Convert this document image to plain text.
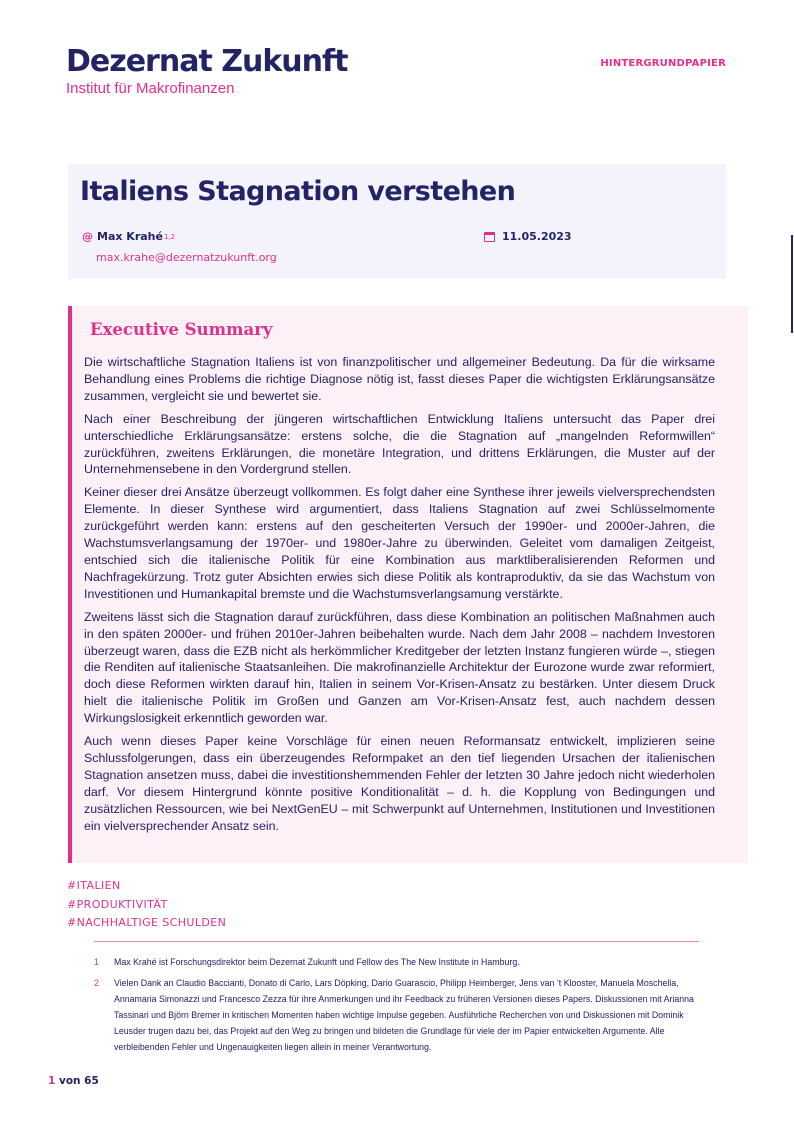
Dezernat Zukunft
Institut für Makrofinanzen
HINTERGRUNDPAPIER
Italiens Stagnation verstehen
@ Max Krahé 1,2
max.krahe@dezernatzukunft.org
11.05.2023
Executive Summary

Die wirtschaftliche Stagnation Italiens ist von finanzpolitischer und allgemeiner Bedeutung. Da für die wirksame Behandlung eines Problems die richtige Diagnose nötig ist, fasst dieses Paper die wichtigsten Erklärungsansätze zusammen, vergleicht sie und bewertet sie.

Nach einer Beschreibung der jüngeren wirtschaftlichen Entwicklung Italiens untersucht das Paper drei unterschiedliche Erklärungsansätze: erstens solche, die die Stagnation auf „mangelnden Reformwillen“ zurückführen, zweitens Erklärungen, die monetäre Integration, und drittens Erklärungen, die Muster auf der Unternehmensebene in den Vordergrund stellen.

Keiner dieser drei Ansätze überzeugt vollkommen. Es folgt daher eine Synthese ihrer jeweils vielversprechendsten Elemente. In dieser Synthese wird argumentiert, dass Italiens Stagnation auf zwei Schlüsselmomente zurückgeführt werden kann: erstens auf den gescheiterten Versuch der 1990er- und 2000er-Jahren, die Wachstumsverlangsamung der 1970er- und 1980er-Jahre zu überwinden. Geleitet vom damaligen Zeitgeist, entschied sich die italienische Politik für eine Kombination aus marktliberalisierenden Reformen und Nachfragekürzung. Trotz guter Absichten erwies sich diese Politik als kontraproduktiv, da sie das Wachstum von Investitionen und Humankapital bremste und die Wachstumsverlangsamung verstärkte.

Zweitens lässt sich die Stagnation darauf zurückführen, dass diese Kombination an politischen Maßnahmen auch in den späten 2000er- und frühen 2010er-Jahren beibehalten wurde. Nach dem Jahr 2008 – nachdem Investoren überzeugt waren, dass die EZB nicht als herkömmlicher Kreditgeber der letzten Instanz fungieren würde –, stiegen die Renditen auf italienische Staatsanleihen. Die makrofinanzielle Architektur der Eurozone wurde zwar reformiert, doch diese Reformen wirkten darauf hin, Italien in seinem Vor-Krisen-Ansatz zu bestärken. Unter diesem Druck hielt die italienische Politik im Großen und Ganzen am Vor-Krisen-Ansatz fest, auch nachdem dessen Wirkungslosigkeit erkenntlich geworden war.

Auch wenn dieses Paper keine Vorschläge für einen neuen Reformansatz entwickelt, implizieren seine Schlussfolgerungen, dass ein überzeugendes Reformpaket an den tief liegenden Ursachen der italienischen Stagnation ansetzen muss, dabei die investitionshemmenden Fehler der letzten 30 Jahre jedoch nicht wiederholen darf. Vor diesem Hintergrund könnte positive Konditionalität – d. h. die Kopplung von Bedingungen und zusätzlichen Ressourcen, wie bei NextGenEU – mit Schwerpunkt auf Unternehmen, Institutionen und Investitionen ein vielversprechender Ansatz sein.

#ITALIEN
#PRODUKTIVITÄT
#NACHHALTIGE SCHULDEN
1	Max Krahé ist Forschungsdirektor beim Dezernat Zukunft und Fellow des The New Institute in Hamburg.
2	Vielen Dank an Claudio Baccianti, Donato di Carlo, Lars Döpking, Dario Guarascio, Philipp Heimberger, Jens van ’t Klooster, Manuela Moschella, Annamaria Simonazzi und Francesco Zezza für ihre Anmerkungen und ihr Feedback zu früheren Versionen dieses Papers. Diskussionen mit Arianna Tassinari und Björn Bremer in kritischen Momenten haben wichtige Impulse gegeben. Ausführliche Recherchen von und Diskussionen mit Dominik Leusder trugen dazu bei, das Projekt auf den Weg zu bringen und bildeten die Grundlage für viele der im Papier entwickelten Argumente. Alle verbleibenden Fehler und Ungenauigkeiten liegen allein in meiner Verantwortung.
1 von 65
